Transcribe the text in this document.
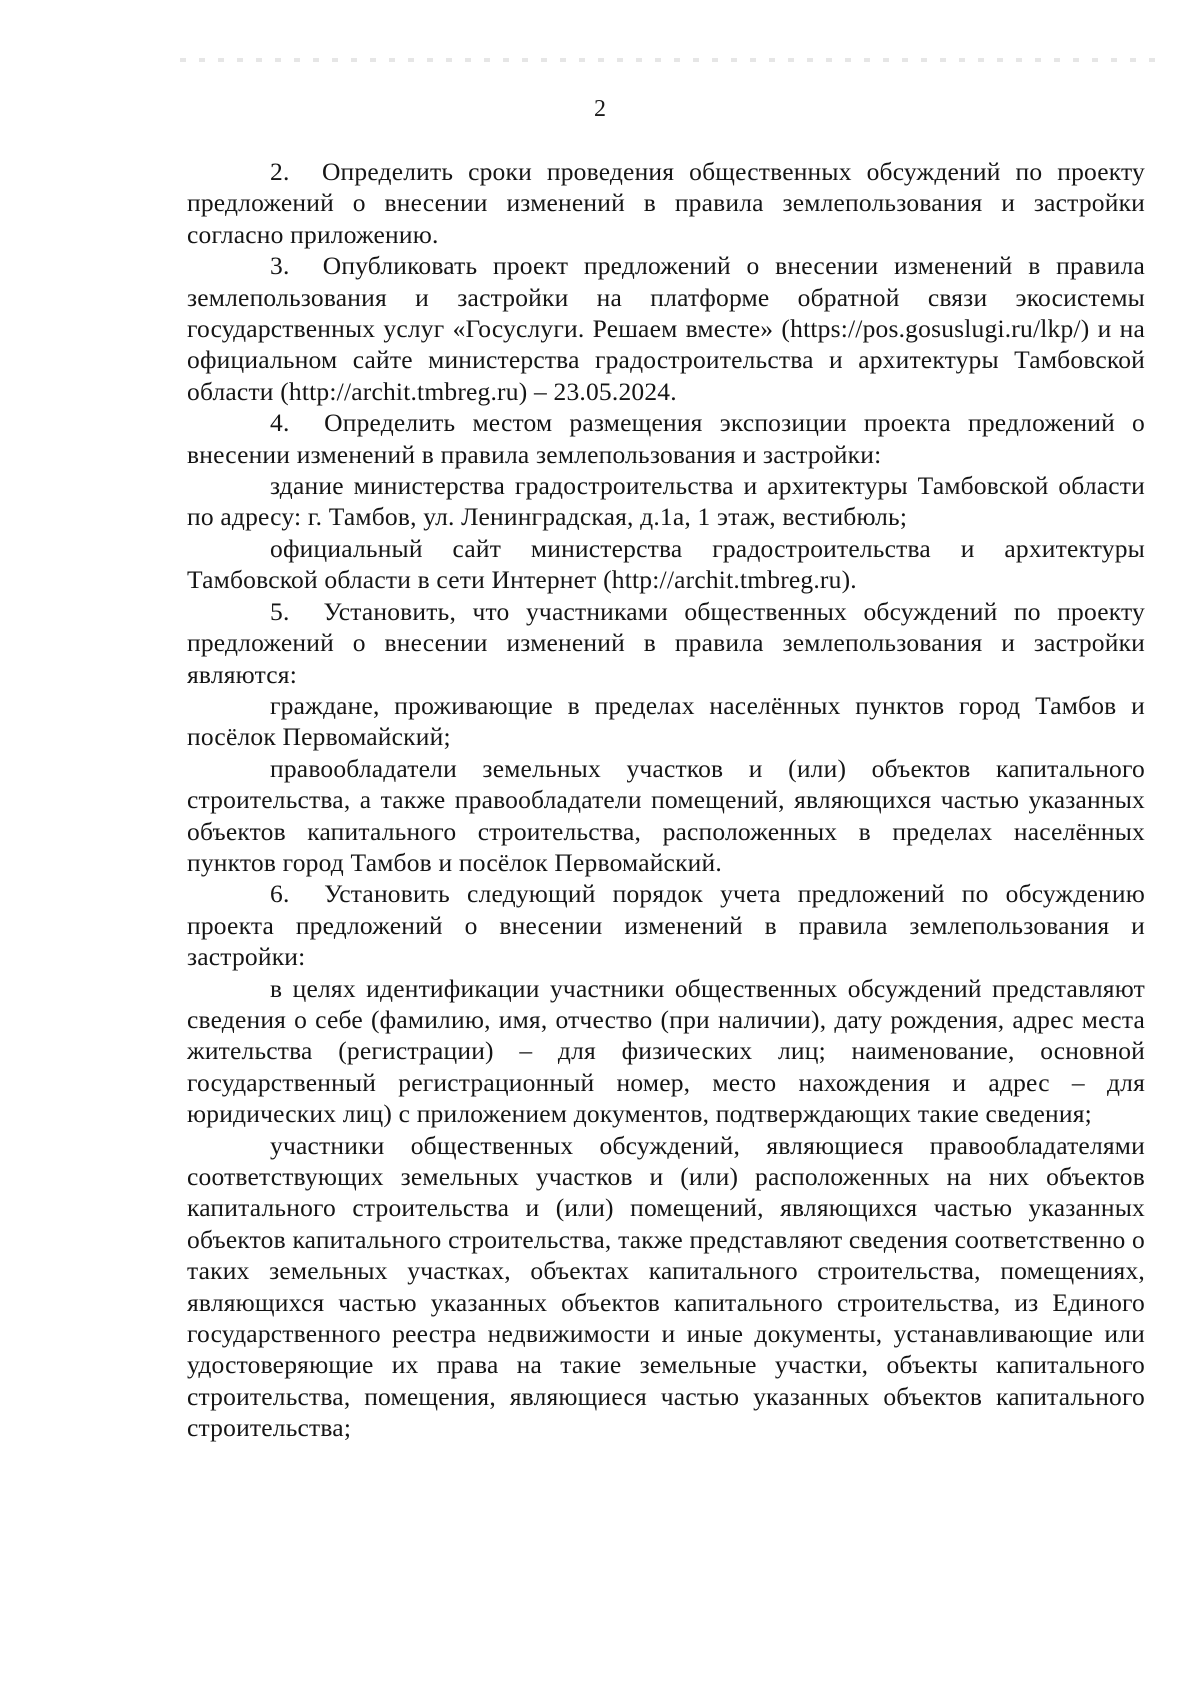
2

2. Определить сроки проведения общественных обсуждений по проекту предложений о внесении изменений в правила землепользования и застройки согласно приложению.

3. Опубликовать проект предложений о внесении изменений в правила землепользования и застройки на платформе обратной связи экосистемы государственных услуг «Госуслуги. Решаем вместе» (https://pos.gosuslugi.ru/lkp/) и на официальном сайте министерства градостроительства и архитектуры Тамбовской области (http://archit.tmbreg.ru) – 23.05.2024.

4. Определить местом размещения экспозиции проекта предложений о внесении изменений в правила землепользования и застройки:

здание министерства градостроительства и архитектуры Тамбовской области по адресу: г. Тамбов, ул. Ленинградская, д.1а, 1 этаж, вестибюль;

официальный сайт министерства градостроительства и архитектуры Тамбовской области в сети Интернет (http://archit.tmbreg.ru).

5. Установить, что участниками общественных обсуждений по проекту предложений о внесении изменений в правила землепользования и застройки являются:

граждане, проживающие в пределах населённых пунктов город Тамбов и посёлок Первомайский;

правообладатели земельных участков и (или) объектов капитального строительства, а также правообладатели помещений, являющихся частью указанных объектов капитального строительства, расположенных в пределах населённых пунктов город Тамбов и посёлок Первомайский.

6. Установить следующий порядок учета предложений по обсуждению проекта предложений о внесении изменений в правила землепользования и застройки:

в целях идентификации участники общественных обсуждений представляют сведения о себе (фамилию, имя, отчество (при наличии), дату рождения, адрес места жительства (регистрации) – для физических лиц; наименование, основной государственный регистрационный номер, место нахождения и адрес – для юридических лиц) с приложением документов, подтверждающих такие сведения;

участники общественных обсуждений, являющиеся правообладателями соответствующих земельных участков и (или) расположенных на них объектов капитального строительства и (или) помещений, являющихся частью указанных объектов капитального строительства, также представляют сведения соответственно о таких земельных участках, объектах капитального строительства, помещениях, являющихся частью указанных объектов капитального строительства, из Единого государственного реестра недвижимости и иные документы, устанавливающие или удостоверяющие их права на такие земельные участки, объекты капитального строительства, помещения, являющиеся частью указанных объектов капитального строительства;
